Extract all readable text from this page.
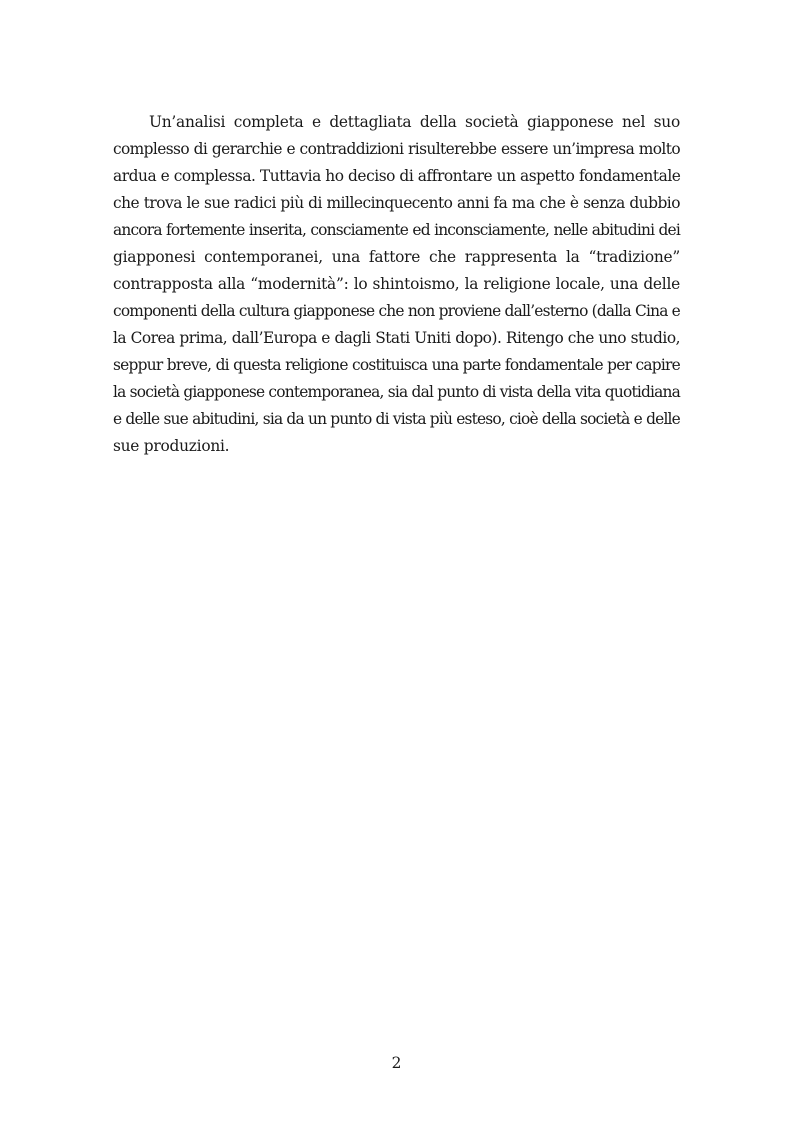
Un’analisi completa e dettagliata della società giapponese nel suo
complesso di gerarchie e contraddizioni risulterebbe essere un’impresa molto
ardua e complessa. Tuttavia ho deciso di affrontare un aspetto fondamentale
che trova le sue radici più di millecinquecento anni fa ma che è senza dubbio
ancora fortemente inserita, consciamente ed inconsciamente, nelle abitudini dei
giapponesi contemporanei, una fattore che rappresenta la “tradizione”
contrapposta alla “modernità”: lo shintoismo, la religione locale, una delle
componenti della cultura giapponese che non proviene dall’esterno (dalla Cina e
la Corea prima, dall’Europa e dagli Stati Uniti dopo). Ritengo che uno studio,
seppur breve, di questa religione costituisca una parte fondamentale per capire
la società giapponese contemporanea, sia dal punto di vista della vita quotidiana
e delle sue abitudini, sia da un punto di vista più esteso, cioè della società e delle
sue produzioni.
2
